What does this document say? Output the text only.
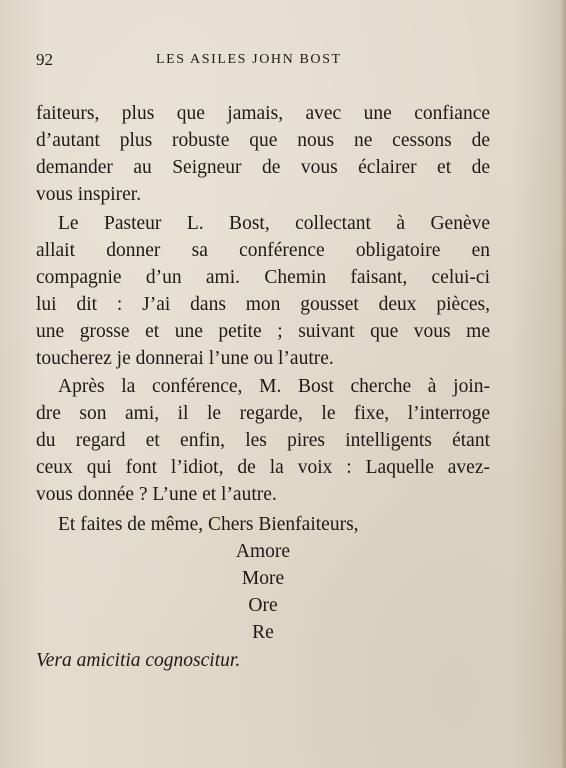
92	LES ASILES JOHN BOST
faiteurs, plus que jamais, avec une confiance
d’autant plus robuste que nous ne cessons de
demander au Seigneur de vous éclairer et de
vous inspirer.
Le Pasteur L. Bost, collectant à Genève
allait donner sa conférence obligatoire en
compagnie d’un ami. Chemin faisant, celui-ci
lui dit : J’ai dans mon gousset deux pièces,
une grosse et une petite ; suivant que vous me
toucherez je donnerai l’une ou l’autre.
Après la conférence, M. Bost cherche à join-
dre son ami, il le regarde, le fixe, l’interroge
du regard et enfin, les pires intelligents étant
ceux qui font l’idiot, de la voix : Laquelle avez-
vous donnée ? L’une et l’autre.
Et faites de même, Chers Bienfaiteurs,
Amore
More
Ore
Re
Vera amicitia cognoscitur.
